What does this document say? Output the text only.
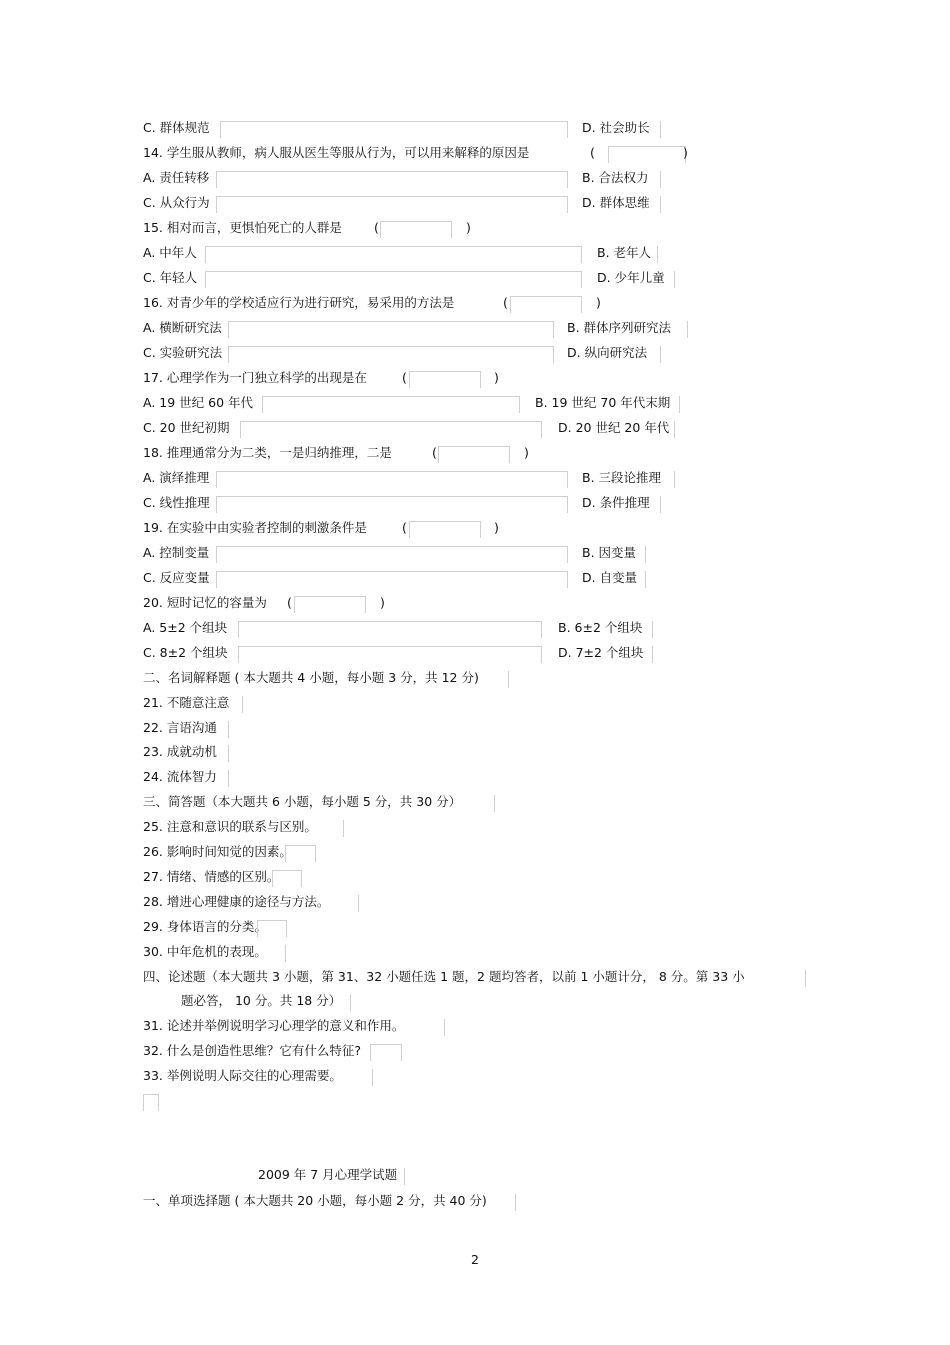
C. 群体规范	D. 社会助长
14. 学生服从教师，病人服从医生等服从行为，可以用来解释的原因是	(	)
A. 责任转移	B. 合法权力
C. 从众行为	D. 群体思维
15. 相对而言，更惧怕死亡的人群是	(	)
A. 中年人	B. 老年人
C. 年轻人	D. 少年儿童
16. 对青少年的学校适应行为进行研究，易采用的方法是	(	)
A. 横断研究法	B. 群体序列研究法
C. 实验研究法	D. 纵向研究法
17. 心理学作为一门独立科学的出现是在	(	)
A. 19 世纪 60 年代	B. 19 世纪 70 年代末期
C. 20 世纪初期	D. 20 世纪 20 年代
18. 推理通常分为二类，一是归纳推理，二是	(	)
A. 演绎推理	B. 三段论推理
C. 线性推理	D. 条件推理
19. 在实验中由实验者控制的刺激条件是	(	)
A. 控制变量	B. 因变量
C. 反应变量	D. 自变量
20. 短时记忆的容量为 (	)
A. 5±2 个组块	B. 6±2 个组块
C. 8±2 个组块	D. 7±2 个组块
二、名词解释题 ( 本大题共 4 小题，每小题 3 分，共 12 分)
21. 不随意注意
22. 言语沟通
23. 成就动机
24. 流体智力
三、简答题（本大题共 6 小题，每小题 5 分，共 30 分）
25. 注意和意识的联系与区别。
26. 影响时间知觉的因素。
27. 情绪、情感的区别。
28. 增进心理健康的途径与方法。
29. 身体语言的分类。
30. 中年危机的表现。
四、论述题（本大题共 3 小题，第 31、32 小题任选 1 题，2 题均答者，以前 1 小题计分， 8 分。第 33 小
题必答， 10 分。共 18 分）
31. 论述并举例说明学习心理学的意义和作用。
32. 什么是创造性思维？它有什么特征?
33. 举例说明人际交往的心理需要。
2009 年 7 月心理学试题
一、单项选择题 ( 本大题共 20 小题，每小题 2 分，共 40 分)
2
